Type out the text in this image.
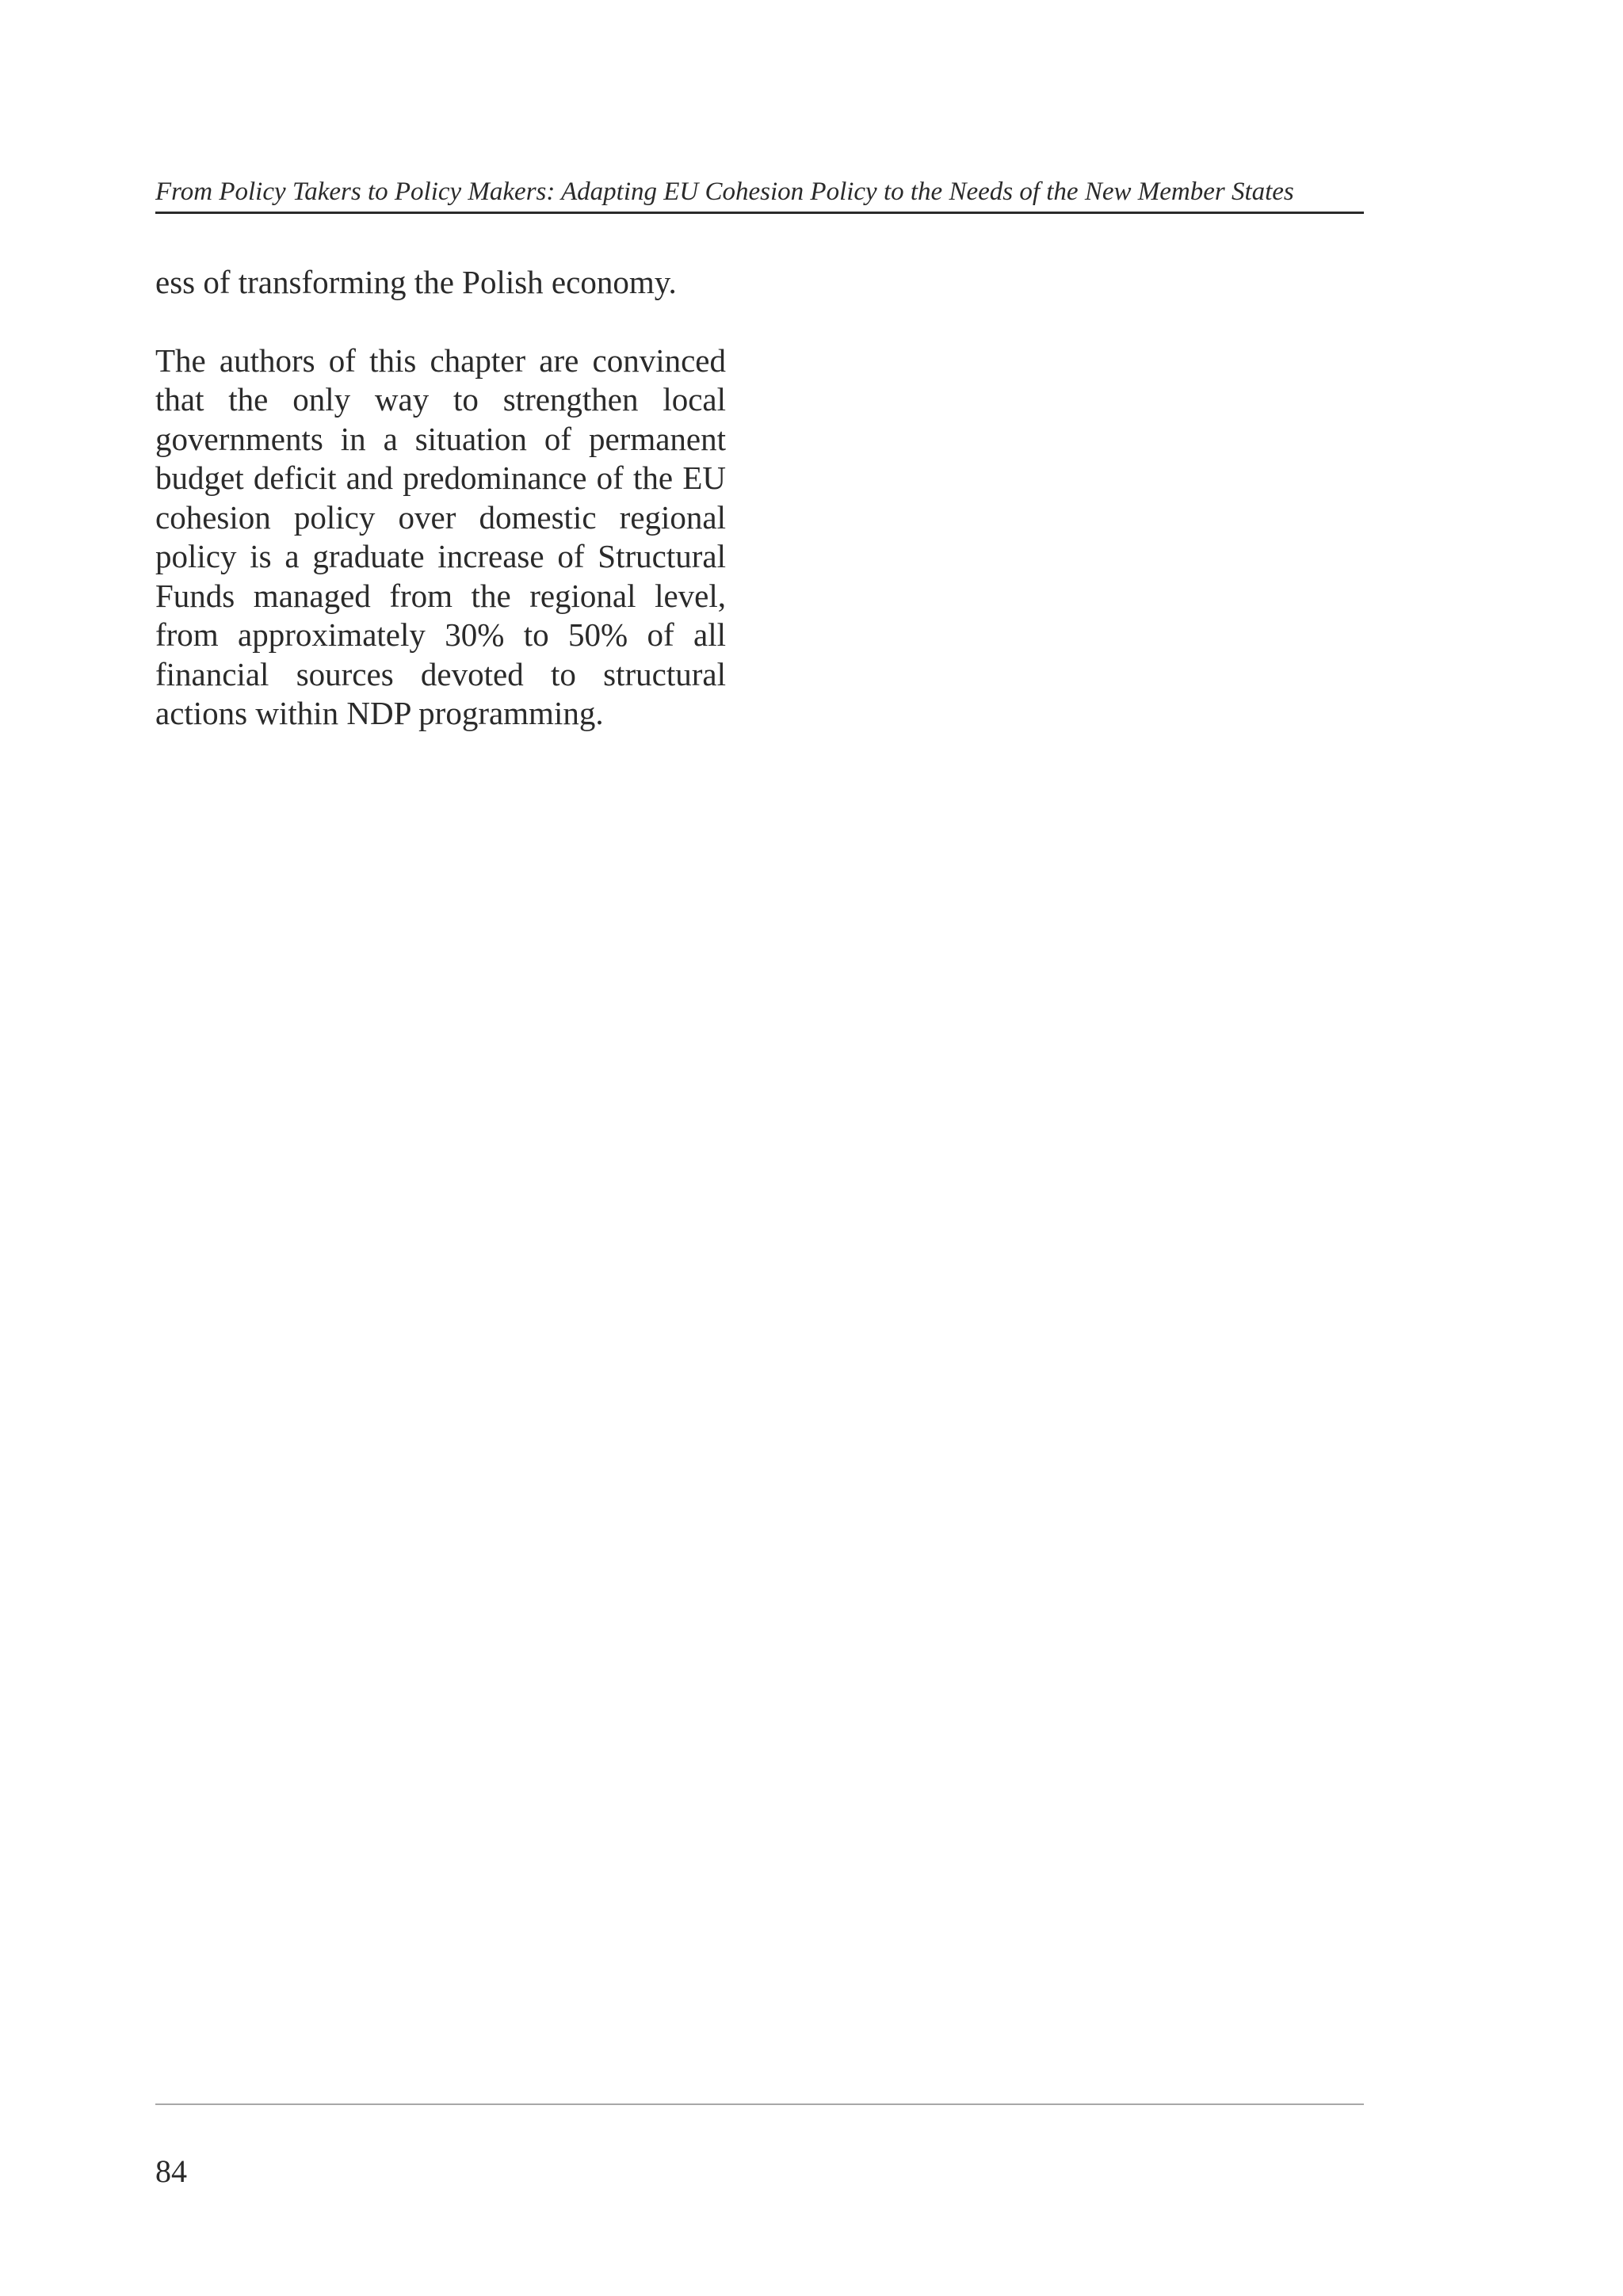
From Policy Takers to Policy Makers: Adapting EU Cohesion Policy to the Needs of the New Member States

ess of transforming the Polish economy.

The authors of this chapter are convinced that the only way to strengthen local governments in a situation of permanent budget deficit and predominance of the EU cohesion policy over domestic regional policy is a graduate increase of Structural Funds managed from the regional level, from approximately 30% to 50% of all financial sources devoted to structural actions within NDP programming.

84
